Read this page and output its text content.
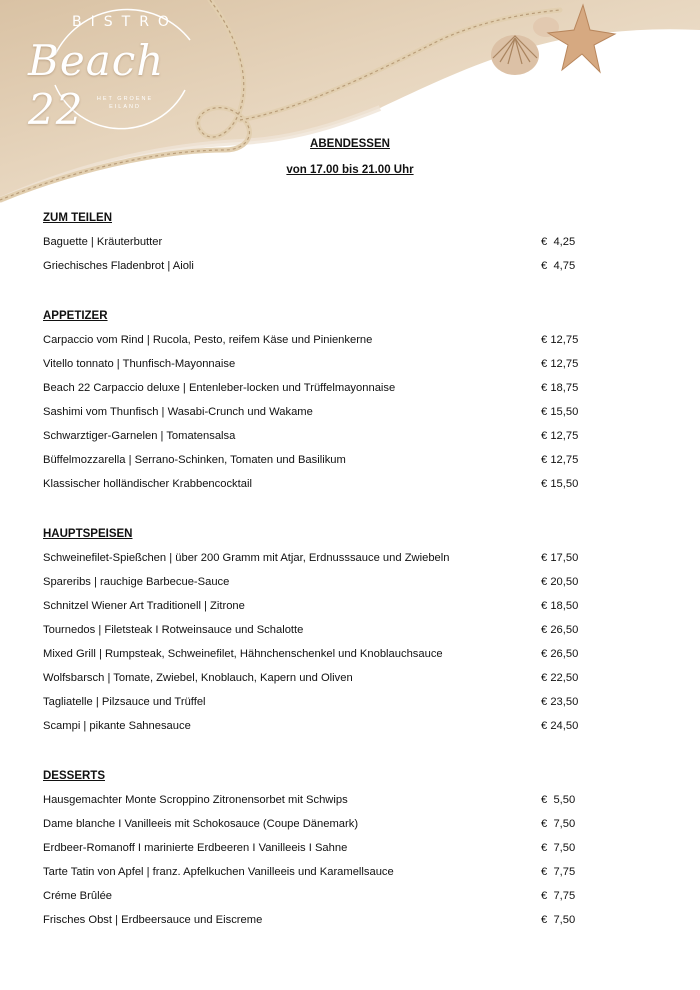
BISTRO
Beach 22	HET GROENE
EILAND
ABENDESSEN
von 17.00 bis 21.00 Uhr
ZUM TEILEN
Baguette | Kräuterbutter	€  4,25
Griechisches Fladenbrot | Aioli	€  4,75
APPETIZER
Carpaccio vom Rind | Rucola, Pesto, reifem Käse und Pinienkerne	€ 12,75
Vitello tonnato | Thunfisch-Mayonnaise	€ 12,75
Beach 22 Carpaccio deluxe | Entenleber-locken und Trüffelmayonnaise	€ 18,75
Sashimi vom Thunfisch | Wasabi-Crunch und Wakame	€ 15,50
Schwarztiger-Garnelen | Tomatensalsa	€ 12,75
Büffelmozzarella | Serrano-Schinken, Tomaten und Basilikum	€ 12,75
Klassischer holländischer Krabbencocktail	€ 15,50
HAUPTSPEISEN
Schweinefilet-Spießchen | über 200 Gramm mit Atjar, Erdnusssauce und Zwiebeln	€ 17,50
Spareribs | rauchige Barbecue-Sauce	€ 20,50
Schnitzel Wiener Art Traditionell | Zitrone	€ 18,50
Tournedos | Filetsteak I Rotweinsauce und Schalotte	€ 26,50
Mixed Grill | Rumpsteak, Schweinefilet, Hähnchenschenkel und Knoblauchsauce	€ 26,50
Wolfsbarsch | Tomate, Zwiebel, Knoblauch, Kapern und Oliven	€ 22,50
Tagliatelle | Pilzsauce und Trüffel	€ 23,50
Scampi | pikante Sahnesauce	€ 24,50
DESSERTS
Hausgemachter Monte Scroppino Zitronensorbet mit Schwips	€  5,50
Dame blanche I Vanilleeis mit Schokosauce (Coupe Dänemark)	€  7,50
Erdbeer-Romanoff I marinierte Erdbeeren I Vanilleeis I Sahne	€  7,50
Tarte Tatin von Apfel | franz. Apfelkuchen Vanilleeis und Karamellsauce	€  7,75
Créme Brûlée	€  7,75
Frisches Obst | Erdbeersauce und Eiscreme	€  7,50
